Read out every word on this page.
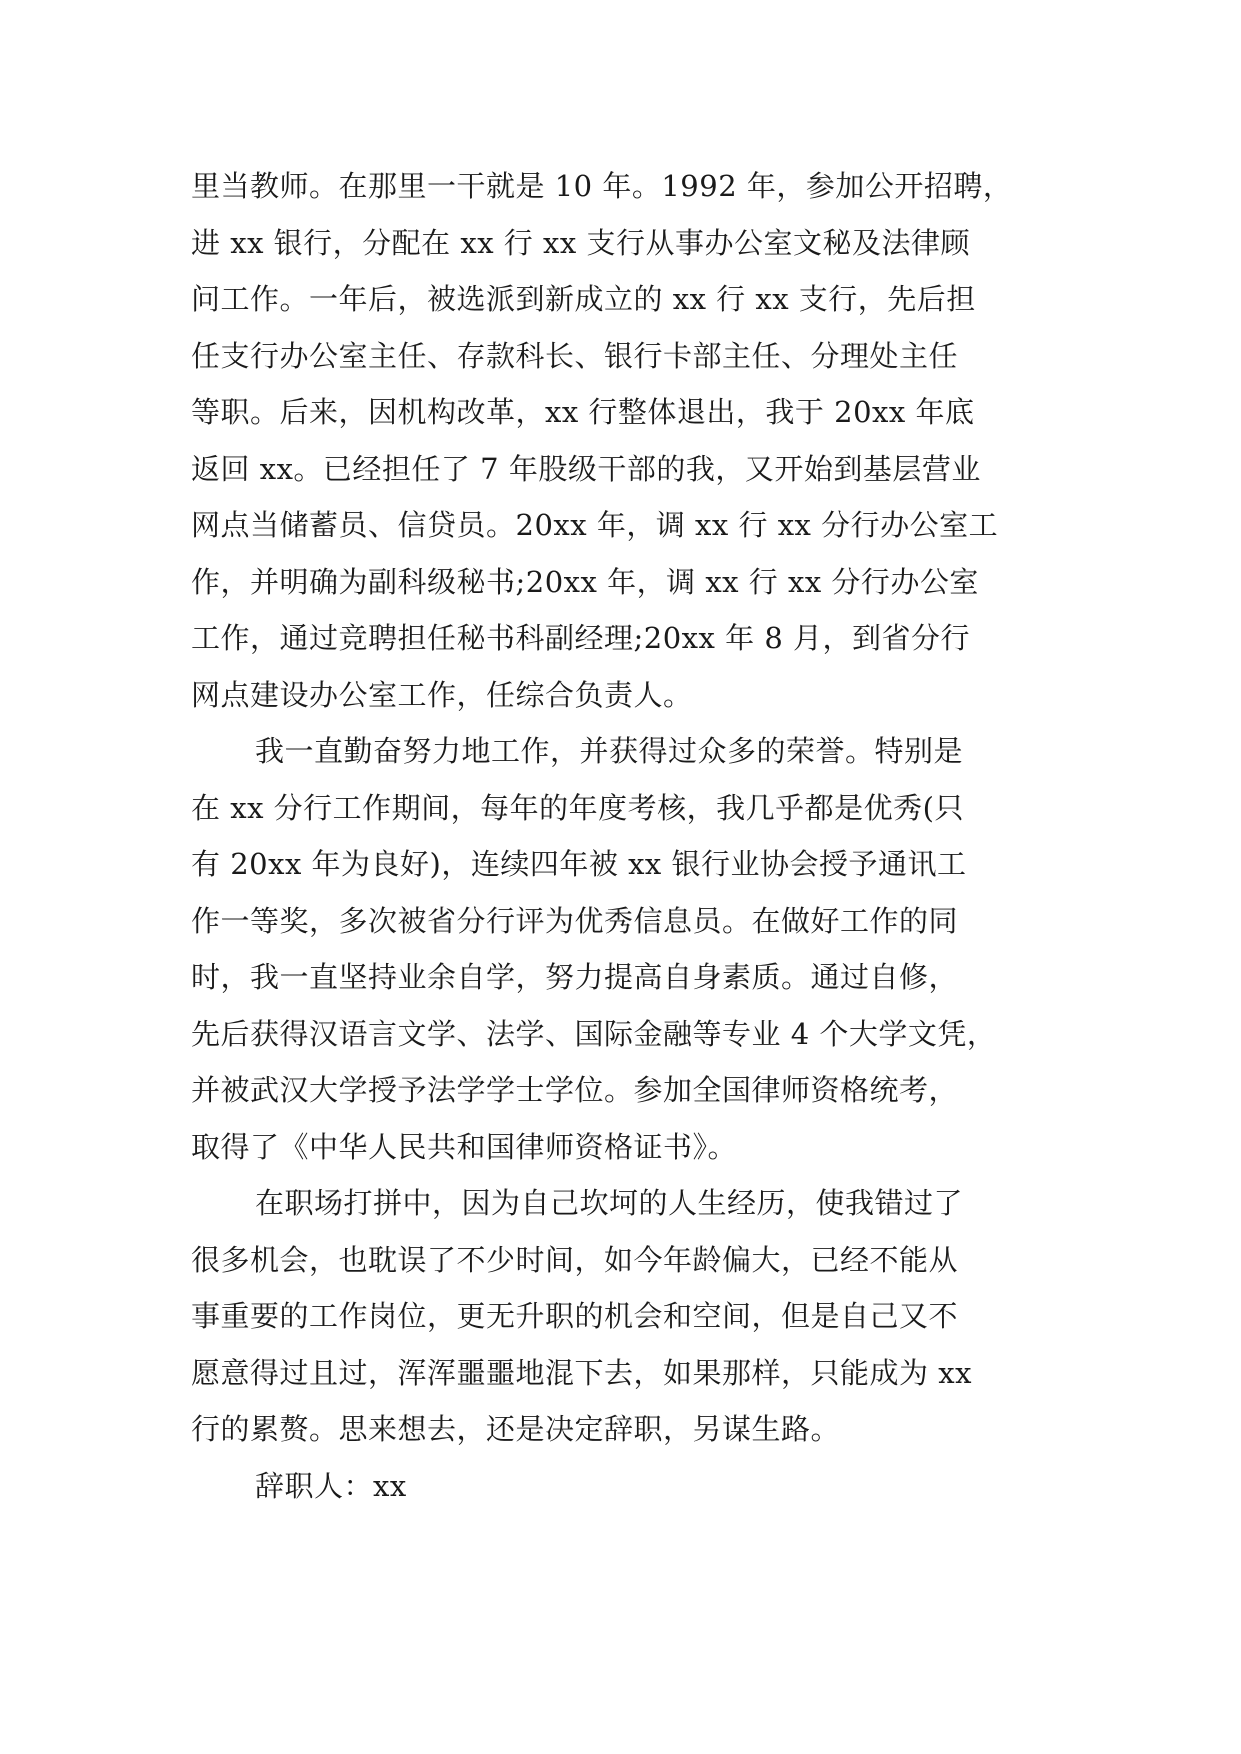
里当教师。在那里一干就是 10 年。1992 年，参加公开招聘，
进 xx 银行，分配在 xx 行 xx 支行从事办公室文秘及法律顾
问工作。一年后，被选派到新成立的 xx 行 xx 支行，先后担
任支行办公室主任、存款科长、银行卡部主任、分理处主任
等职。后来，因机构改革，xx 行整体退出，我于 20xx 年底
返回 xx。已经担任了 7 年股级干部的我，又开始到基层营业
网点当储蓄员、信贷员。20xx 年，调 xx 行 xx 分行办公室工
作，并明确为副科级秘书;20xx 年，调 xx 行 xx 分行办公室
工作，通过竞聘担任秘书科副经理;20xx 年 8 月，到省分行
网点建设办公室工作，任综合负责人。
我一直勤奋努力地工作，并获得过众多的荣誉。特别是
在 xx 分行工作期间，每年的年度考核，我几乎都是优秀(只
有 20xx 年为良好)，连续四年被 xx 银行业协会授予通讯工
作一等奖，多次被省分行评为优秀信息员。在做好工作的同
时，我一直坚持业余自学，努力提高自身素质。通过自修，
先后获得汉语言文学、法学、国际金融等专业 4 个大学文凭，
并被武汉大学授予法学学士学位。参加全国律师资格统考，
取得了《中华人民共和国律师资格证书》。
在职场打拼中，因为自己坎坷的人生经历，使我错过了
很多机会，也耽误了不少时间，如今年龄偏大，已经不能从
事重要的工作岗位，更无升职的机会和空间，但是自己又不
愿意得过且过，浑浑噩噩地混下去，如果那样，只能成为 xx
行的累赘。思来想去，还是决定辞职，另谋生路。
辞职人：xx
